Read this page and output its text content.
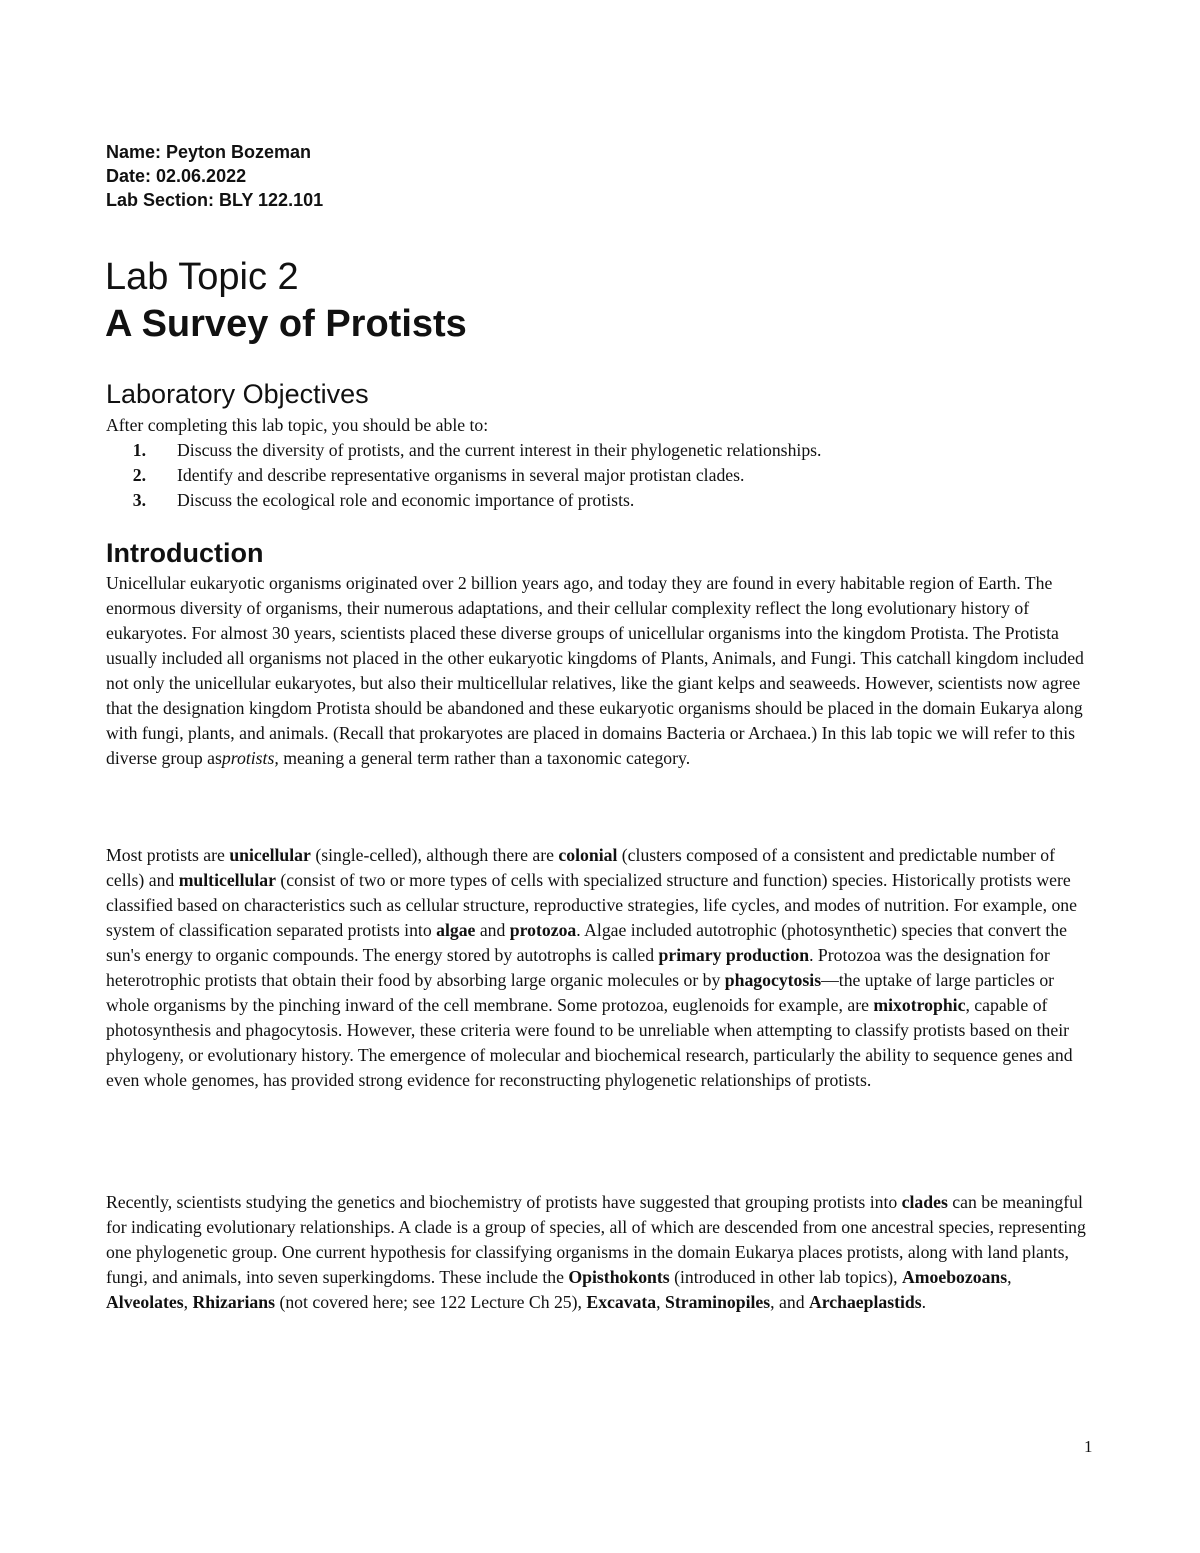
Name: Peyton Bozeman
Date: 02.06.2022
Lab Section: BLY 122.101
Lab Topic 2
A Survey of Protists
Laboratory Objectives

After completing this lab topic, you should be able to:

1.	Discuss the diversity of protists, and the current interest in their phylogenetic relationships.
2.	Identify and describe representative organisms in several major protistan clades.
3.	Discuss the ecological role and economic importance of protists.
Introduction

Unicellular eukaryotic organisms originated over 2 billion years ago, and today they are found in every habitable region of Earth. The enormous diversity of organisms, their numerous adaptations, and their cellular complexity reflect the long evolutionary history of eukaryotes. For almost 30 years, scientists placed these diverse groups of unicellular organisms into the kingdom Protista. The Protista usually included all organisms not placed in the other eukaryotic kingdoms of Plants, Animals, and Fungi. This catchall kingdom included not only the unicellular eukaryotes, but also their multicellular relatives, like the giant kelps and seaweeds. However, scientists now agree that the designation kingdom Protista should be abandoned and these eukaryotic organisms should be placed in the domain Eukarya along with fungi, plants, and animals. (Recall that prokaryotes are placed in domains Bacteria or Archaea.) In this lab topic we will refer to this diverse group asprotists, meaning a general term rather than a taxonomic category.

Most protists are unicellular (single-celled), although there are colonial (clusters composed of a consistent and predictable number of cells) and multicellular (consist of two or more types of cells with specialized structure and function) species. Historically protists were classified based on characteristics such as cellular structure, reproductive strategies, life cycles, and modes of nutrition. For example, one system of classification separated protists into algae and protozoa. Algae included autotrophic (photosynthetic) species that convert the sun's energy to organic compounds. The energy stored by autotrophs is called primary production. Protozoa was the designation for heterotrophic protists that obtain their food by absorbing large organic molecules or by phagocytosis—the uptake of large particles or whole organisms by the pinching inward of the cell membrane. Some protozoa, euglenoids for example, are mixotrophic, capable of photosynthesis and phagocytosis. However, these criteria were found to be unreliable when attempting to classify protists based on their phylogeny, or evolutionary history. The emergence of molecular and biochemical research, particularly the ability to sequence genes and even whole genomes, has provided strong evidence for reconstructing phylogenetic relationships of protists.

Recently, scientists studying the genetics and biochemistry of protists have suggested that grouping protists into clades can be meaningful for indicating evolutionary relationships. A clade is a group of species, all of which are descended from one ancestral species, representing one phylogenetic group. One current hypothesis for classifying organisms in the domain Eukarya places protists, along with land plants, fungi, and animals, into seven superkingdoms. These include the Opisthokonts (introduced in other lab topics), Amoebozoans, Alveolates, Rhizarians (not covered here; see 122 Lecture Ch 25), Excavata, Straminopiles, and Archaeplastids.

1
